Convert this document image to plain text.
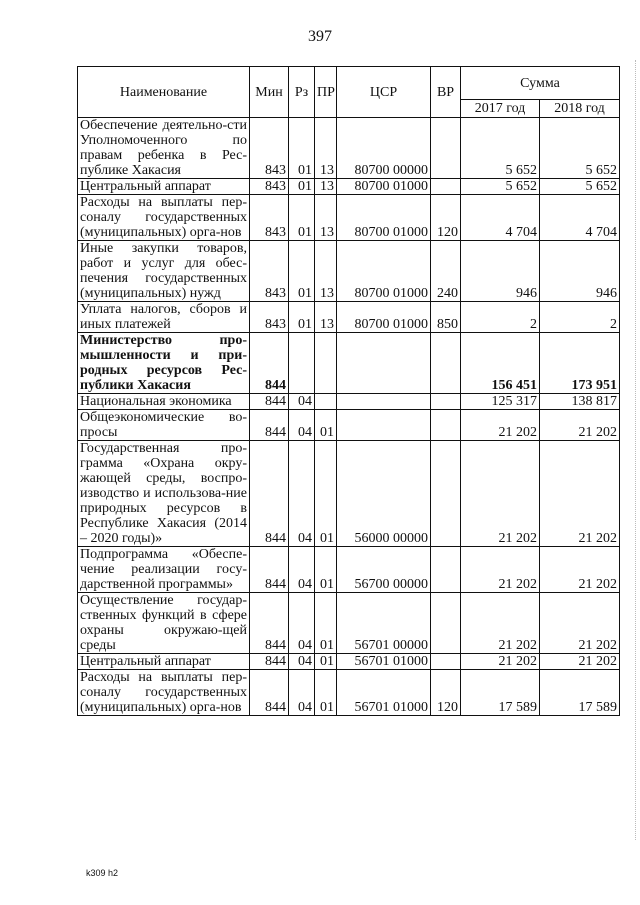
397
Наименование	Мин	Рз	ПР	ЦСР	ВР	Сумма	
						2017 год	2018 год
Обеспечение деятельно-сти Уполномоченного по правам ребенка в Рес-публике Хакасия	843	01	13	80700 00000		5 652	5 652
Центральный аппарат	843	01	13	80700 01000		5 652	5 652
Расходы на выплаты пер-соналу государственных (муниципальных) орга-нов	843	01	13	80700 01000	120	4 704	4 704
Иные закупки товаров, работ и услуг для обес-печения государственных (муниципальных) нужд	843	01	13	80700 01000	240	946	946
Уплата налогов, сборов и иных платежей	843	01	13	80700 01000	850	2	2
Министерство про-мышленности и при-родных ресурсов Рес-публики Хакасия	844					156 451	173 951
Национальная экономика	844	04				125 317	138 817
Общеэкономические во-просы	844	04	01			21 202	21 202
Государственная про-грамма «Охрана окру-жающей среды, воспро-изводство и использова-ние природных ресурсов в Республике Хакасия (2014 – 2020 годы)»	844	04	01	56000 00000		21 202	21 202
Подпрограмма «Обеспе-чение реализации госу-дарственной программы»	844	04	01	56700 00000		21 202	21 202
Осуществление государ-ственных функций в сфере охраны окружаю-щей среды	844	04	01	56701 00000		21 202	21 202
Центральный аппарат	844	04	01	56701 01000		21 202	21 202
Расходы на выплаты пер-соналу государственных (муниципальных) орга-нов	844	04	01	56701 01000	120	17 589	17 589
k309 h2
